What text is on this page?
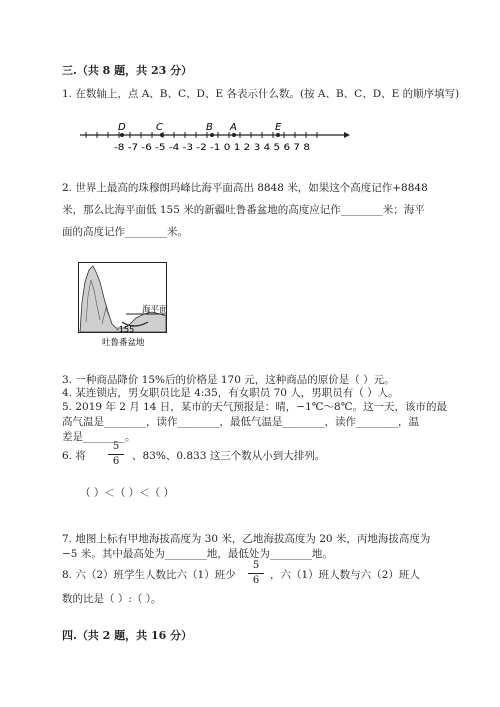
三.（共 8 题，共 23 分）
1. 在数轴上，点 A、B、C、D、E 各表示什么数。(按 A、B、C、D、E 的顺序填写)
D	C	B A	E
-8 -7 -6 -5 -4 -3 -2 -1 0 1 2 3 4 5 6 7 8
2. 世界上最高的珠穆朗玛峰比海平面高出 8848 米，如果这个高度记作+8848
米，那么比海平面低 155 米的新疆吐鲁番盆地的高度应记作________米；海平
面的高度记作________米。
海平面
-155
吐鲁番盆地
3. 一种商品降价 15%后的价格是 170 元，这种商品的原价是（ ）元。
4. 某连锁店，男女职员比是 4:35，有女职员 70 人，男职员有（ ）人。
5. 2019 年 2 月 14 日，某市的天气预报是：晴，−1℃～8℃。这一天，该市的最
高气温是________，读作________，最低气温是________，读作________，温
差是________。
6. 将
5
6 、83%、0.833 这三个数从小到大排列。
（ ）＜（ ）＜（ ）
7. 地图上标有甲地海拔高度为 30 米，乙地海拔高度为 20 米，丙地海拔高度为
−5 米。其中最高处为________地，最低处为________地。
8. 六（2）班学生人数比六（1）班少
5
6 ，六（1）班人数与六（2）班人
数的比是（ ）:（ ）。
四.（共 2 题，共 16 分）
